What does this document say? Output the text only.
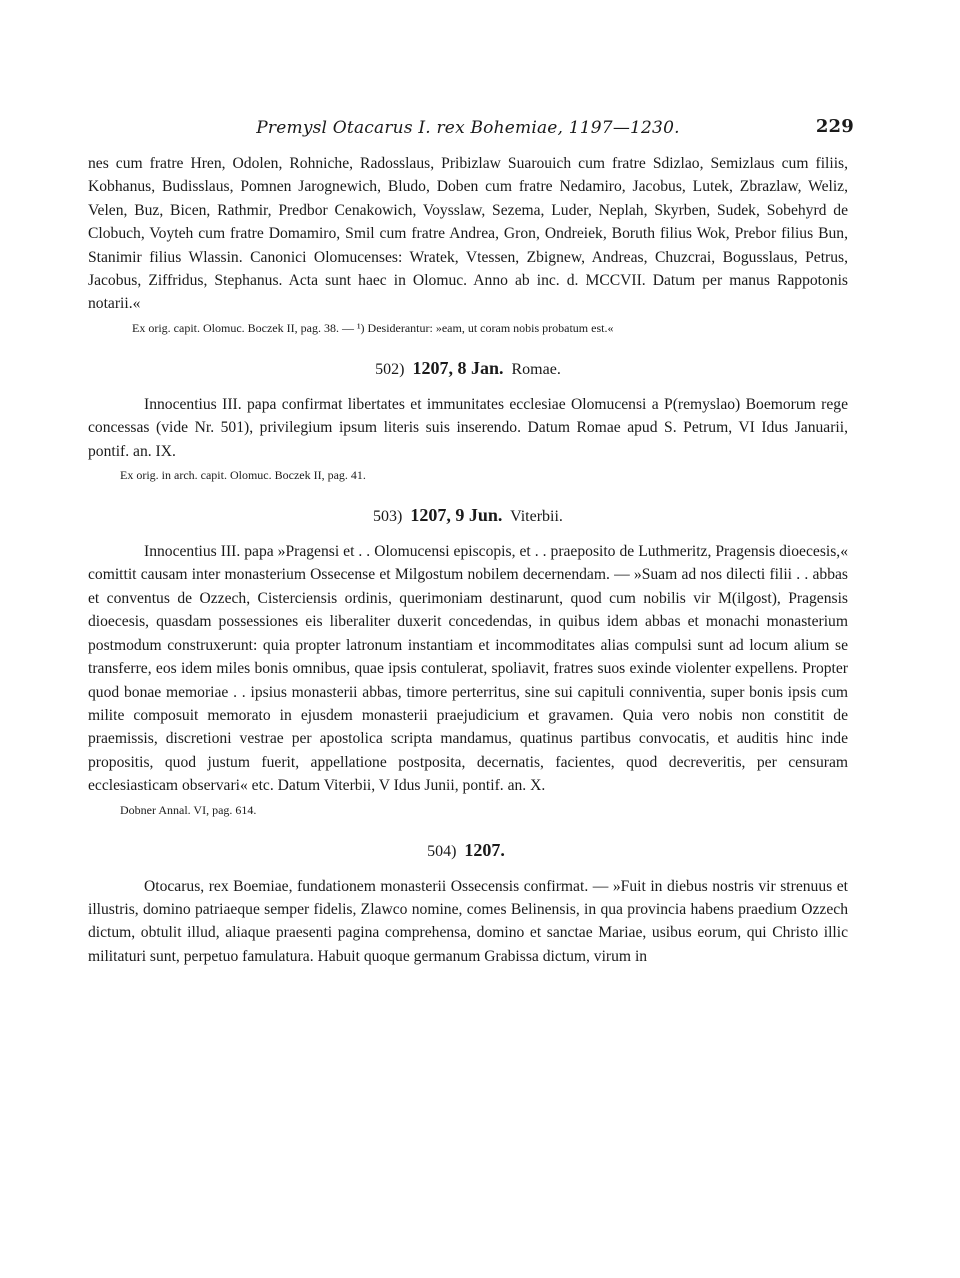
Premysl Otacarus I. rex Bohemiae, 1197—1230.	229

nes cum fratre Hren, Odolen, Rohniche, Radosslaus, Pribizlaw Suarouich cum fratre Sdizlao, Semizlaus cum filiis, Kobhanus, Budisslaus, Pomnen Jarognewich, Bludo, Doben cum fratre Nedamiro, Jacobus, Lutek, Zbrazlaw, Weliz, Velen, Buz, Bicen, Rathmir, Predbor Cenakowich, Voysslaw, Sezema, Luder, Neplah, Skyrben, Sudek, Sobehyrd de Clobuch, Voyteh cum fratre Domamiro, Smil cum fratre Andrea, Gron, Ondreiek, Boruth filius Wok, Prebor filius Bun, Stanimir filius Wlassin. Canonici Olomucenses: Wratek, Vtessen, Zbignew, Andreas, Chuzcrai, Bogusslaus, Petrus, Jacobus, Ziffridus, Stephanus. Acta sunt haec in Olomuc. Anno ab inc. d. MCCVII. Datum per manus Rappotonis notarii.«

Ex orig. capit. Olomuc. Boczek II, pag. 38. — ¹) Desiderantur: »eam, ut coram nobis probatum est.«
502) 1207, 8 Jan. Romae.

Innocentius III. papa confirmat libertates et immunitates ecclesiae Olomucensi a P(remyslao) Boemorum rege concessas (vide Nr. 501), privilegium ipsum literis suis inserendo. Datum Romae apud S. Petrum, VI Idus Januarii, pontif. an. IX.

Ex orig. in arch. capit. Olomuc. Boczek II, pag. 41.
503) 1207, 9 Jun. Viterbii.

Innocentius III. papa »Pragensi et . . Olomucensi episcopis, et . . praeposito de Luthmeritz, Pragensis dioecesis,« comittit causam inter monasterium Ossecense et Milgostum nobilem decernendam. — »Suam ad nos dilecti filii . . abbas et conventus de Ozzech, Cisterciensis ordinis, querimoniam destinarunt, quod cum nobilis vir M(ilgost), Pragensis dioecesis, quasdam possessiones eis liberaliter duxerit concedendas, in quibus idem abbas et monachi monasterium postmodum construxerunt: quia propter latronum instantiam et incommoditates alias compulsi sunt ad locum alium se transferre, eos idem miles bonis omnibus, quae ipsis contulerat, spoliavit, fratres suos exinde violenter expellens. Propter quod bonae memoriae . . ipsius monasterii abbas, timore perterritus, sine sui capituli conniventia, super bonis ipsis cum milite composuit memorato in ejusdem monasterii praejudicium et gravamen. Quia vero nobis non constitit de praemissis, discretioni vestrae per apostolica scripta mandamus, quatinus partibus convocatis, et auditis hinc inde propositis, quod justum fuerit, appellatione postposita, decernatis, facientes, quod decreveritis, per censuram ecclesiasticam observari« etc. Datum Viterbii, V Idus Junii, pontif. an. X.

Dobner Annal. VI, pag. 614.
504) 1207.

Otocarus, rex Boemiae, fundationem monasterii Ossecensis confirmat. — »Fuit in diebus nostris vir strenuus et illustris, domino patriaeque semper fidelis, Zlawco nomine, comes Belinensis, in qua provincia habens praedium Ozzech dictum, obtulit illud, aliaque praesenti pagina comprehensa, domino et sanctae Mariae, usibus eorum, qui Christo illic militaturi sunt, perpetuo famulatura. Habuit quoque germanum Grabissa dictum, virum in
